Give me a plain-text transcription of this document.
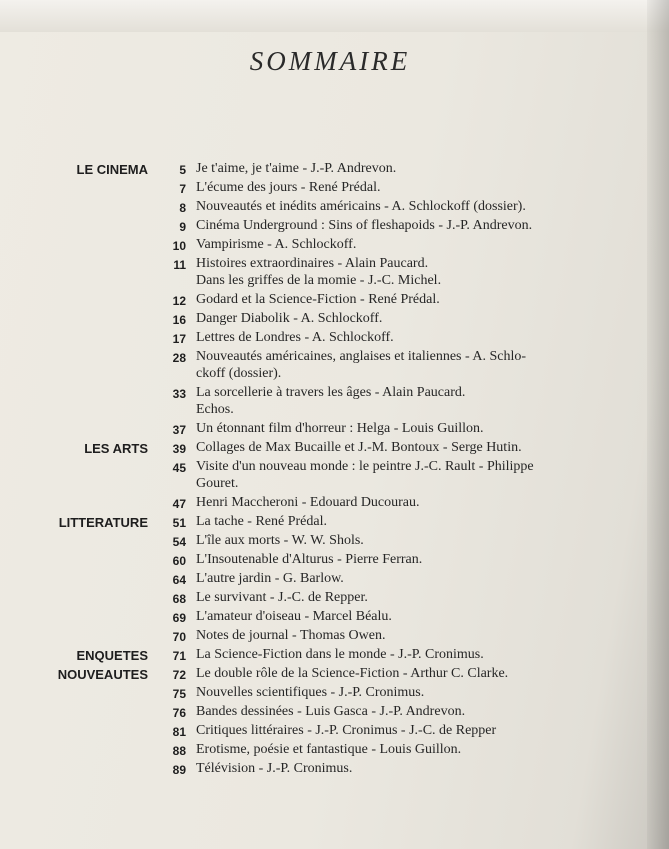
SOMMAIRE
LE CINEMA	5 Je t'aime, je t'aime - J.-P. Andrevon.
7 L'écume des jours - René Prédal.
8 Nouveautés et inédits américains - A. Schlockoff (dossier).
9 Cinéma Underground : Sins of fleshapoids - J.-P. Andrevon.
10 Vampirisme - A. Schlockoff.
11 Histoires extraordinaires - Alain Paucard.
Dans les griffes de la momie - J.-C. Michel.
12 Godard et la Science-Fiction - René Prédal.
16 Danger Diabolik - A. Schlockoff.
17 Lettres de Londres - A. Schlockoff.
28 Nouveautés américaines, anglaises et italiennes - A. Schlo-
ckoff (dossier).
33 La sorcellerie à travers les âges - Alain Paucard.
Echos.
37 Un étonnant film d'horreur : Helga - Louis Guillon.
LES ARTS 39 Collages de Max Bucaille et J.-M. Bontoux - Serge Hutin.
45 Visite d'un nouveau monde : le peintre J.-C. Rault - Philippe
Gouret.
47 Henri Maccheroni - Edouard Ducourau.
LITTERATURE 51 La tache - René Prédal.
54 L'île aux morts - W. W. Shols.
60 L'Insoutenable d'Alturus - Pierre Ferran.
64 L'autre jardin - G. Barlow.
68 Le survivant - J.-C. de Repper.
69 L'amateur d'oiseau - Marcel Béalu.
70 Notes de journal - Thomas Owen.
ENQUETES 71 La Science-Fiction dans le monde - J.-P. Cronimus.
NOUVEAUTES 72 Le double rôle de la Science-Fiction - Arthur C. Clarke.
75 Nouvelles scientifiques - J.-P. Cronimus.
76 Bandes dessinées - Luis Gasca - J.-P. Andrevon.
81 Critiques littéraires - J.-P. Cronimus - J.-C. de Repper
88 Erotisme, poésie et fantastique - Louis Guillon.
89 Télévision - J.-P. Cronimus.
